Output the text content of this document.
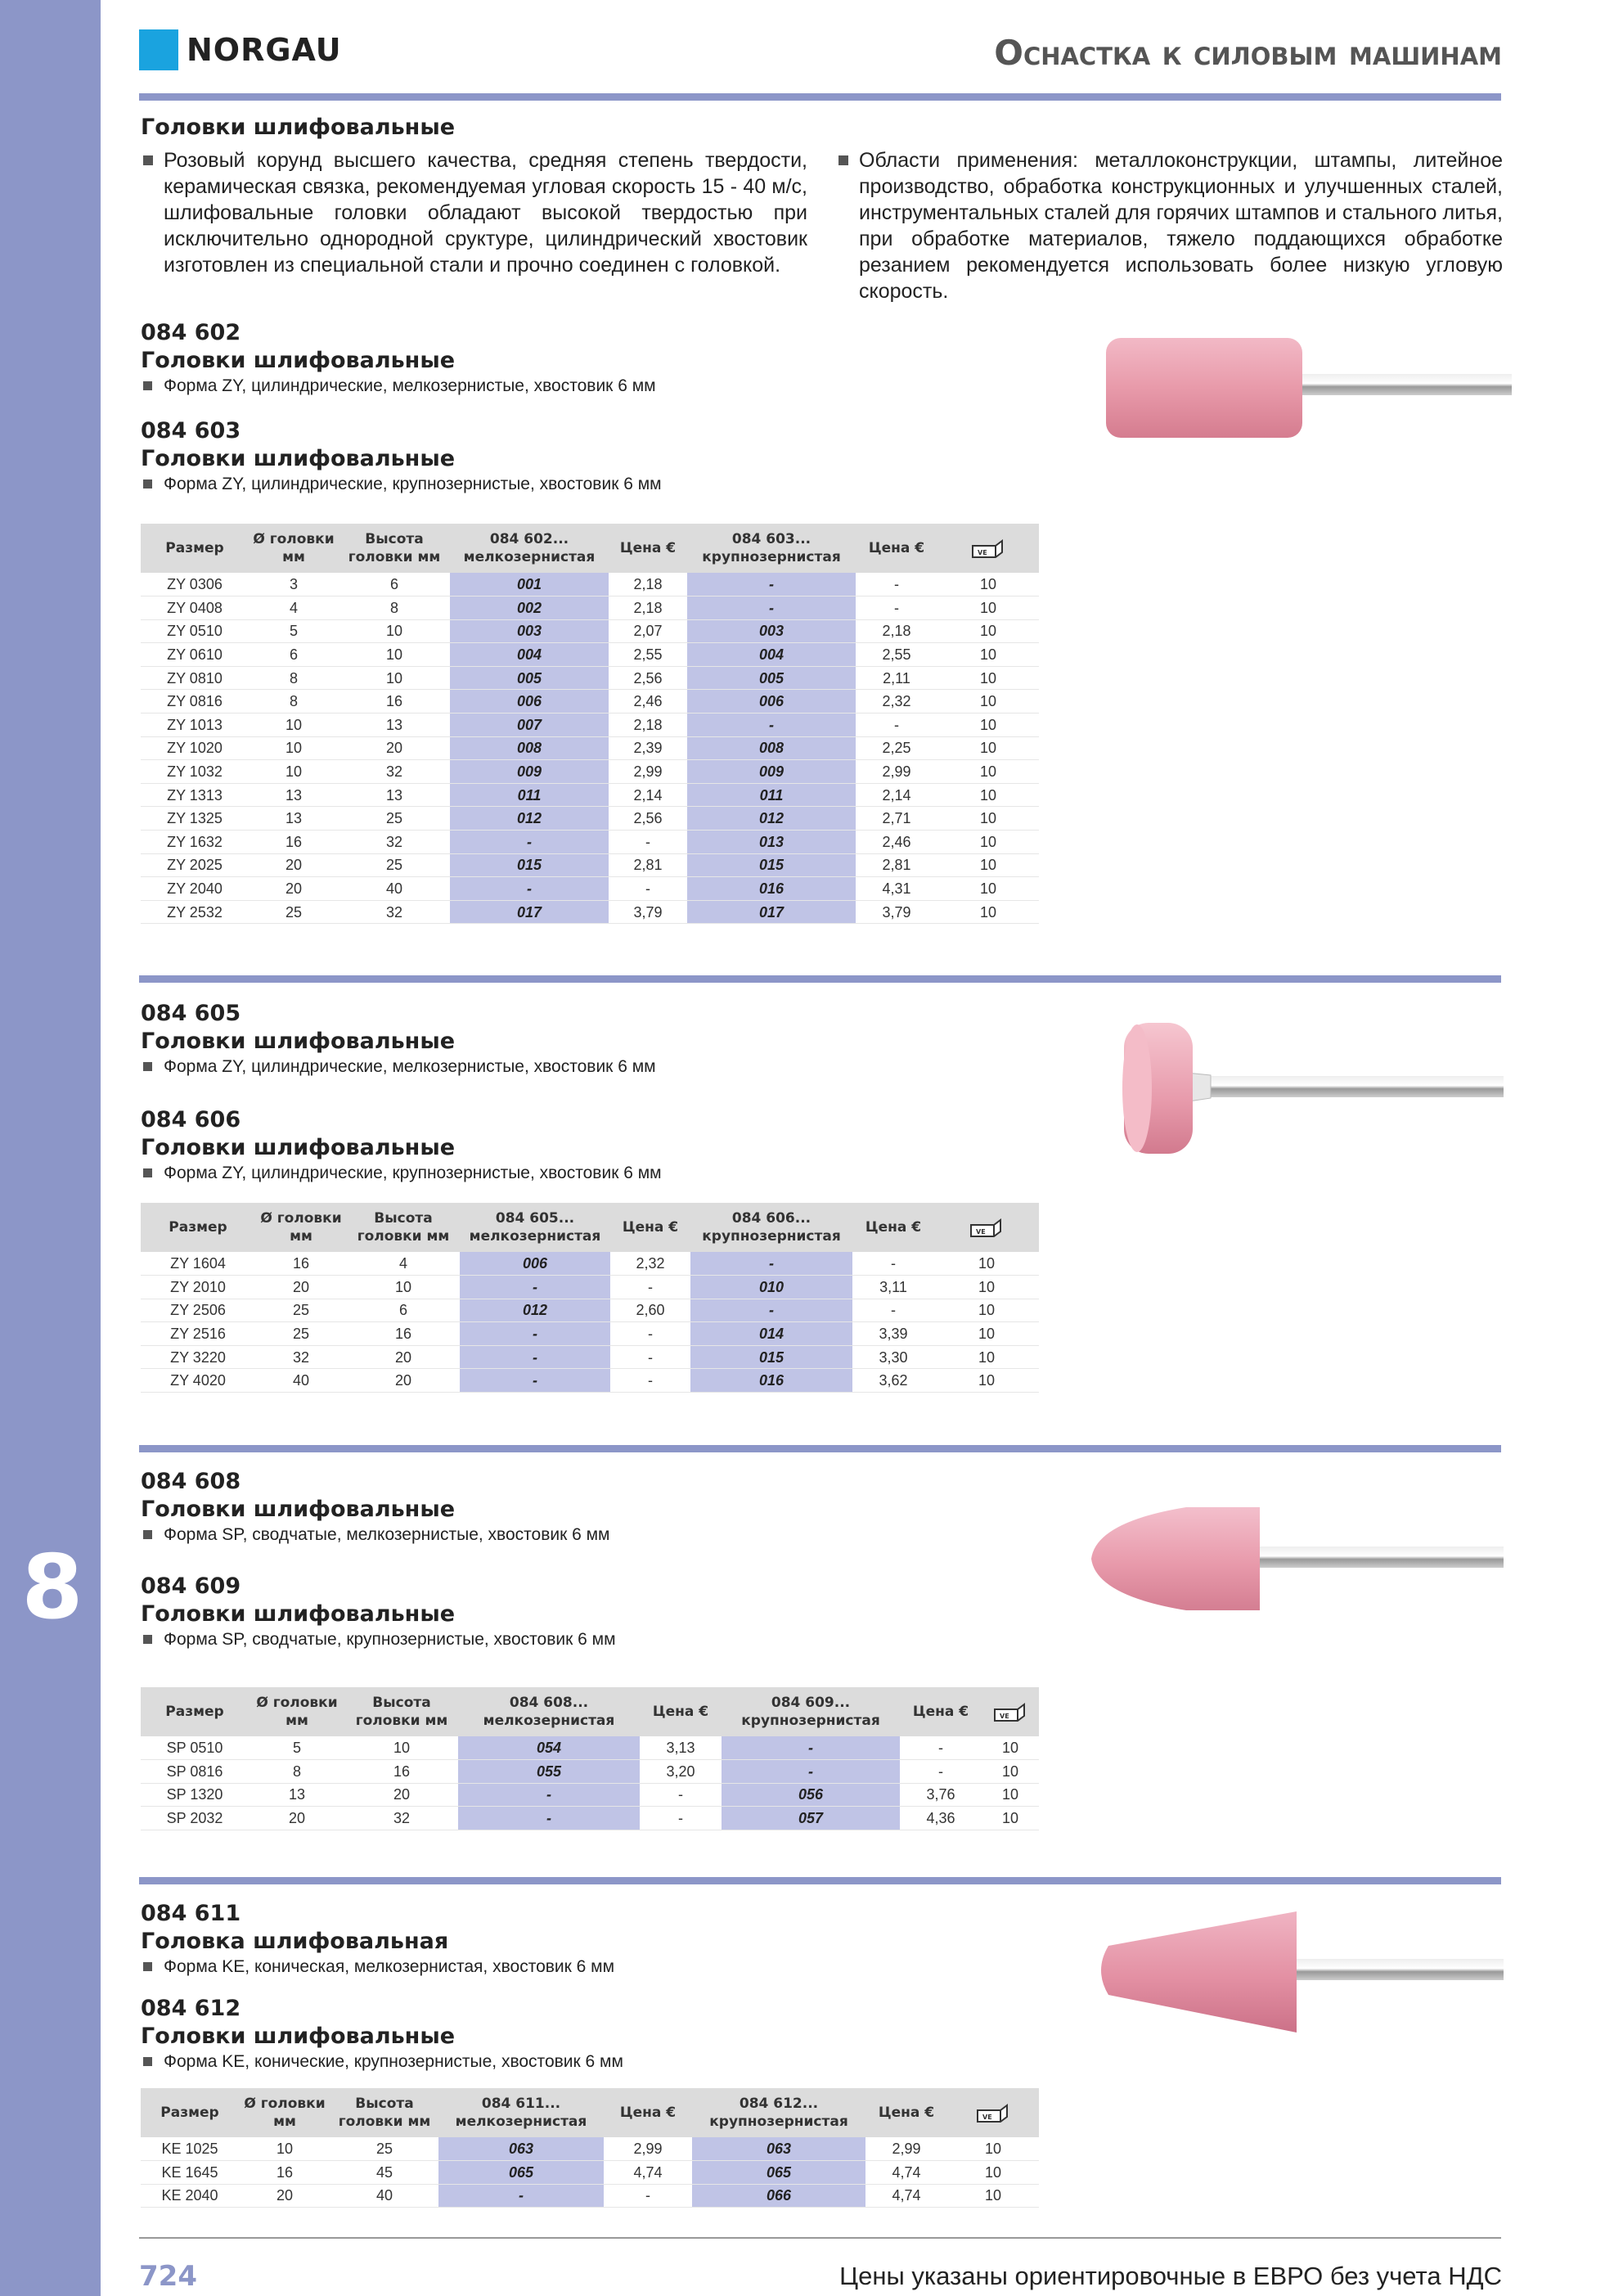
8
NORGAU	Оснастка к силовым машинам
Головки шлифовальные
Розовый корунд высшего качества, средняя степень твердости, керамическая связка, рекомендуемая угловая скорость 15 - 40 м/с, шлифовальные головки обладают высокой твердостью при исключительно однородной сруктуре, цилиндрический хвостовик изготовлен из специальной стали и прочно соединен с головкой.
Области применения: металлоконструкции, штампы, литейное производство, обработка конструкционных и улучшенных сталей, инструментальных сталей для горячих штампов и стального литья, при обработке материалов, тяжело поддающихся обработке резанием рекомендуется использовать более низкую угловую скорость.
084 602
Головки шлифовальные
Форма ZY, цилиндрические, мелкозернистые, хвостовик 6 мм
084 603
Головки шлифовальные
Форма ZY, цилиндрические, крупнозернистые, хвостовик 6 мм
Размер	Ø головки мм	Высота головки мм	084 602... мелкозернистая	Цена €	084 603... крупнозернистая	Цена €	VE

ZY 0306	3	6	001	2,18	-	-	10
ZY 0408	4	8	002	2,18	-	-	10
ZY 0510	5	10	003	2,07	003	2,18	10
ZY 0610	6	10	004	2,55	004	2,55	10
ZY 0810	8	10	005	2,56	005	2,11	10
ZY 0816	8	16	006	2,46	006	2,32	10
ZY 1013	10	13	007	2,18	-	-	10
ZY 1020	10	20	008	2,39	008	2,25	10
ZY 1032	10	32	009	2,99	009	2,99	10
ZY 1313	13	13	011	2,14	011	2,14	10
ZY 1325	13	25	012	2,56	012	2,71	10
ZY 1632	16	32	-	-	013	2,46	10
ZY 2025	20	25	015	2,81	015	2,81	10
ZY 2040	20	40	-	-	016	4,31	10
ZY 2532	25	32	017	3,79	017	3,79	10
084 605
Головки шлифовальные
Форма ZY, цилиндрические, мелкозернистые, хвостовик 6 мм
084 606
Головки шлифовальные
Форма ZY, цилиндрические, крупнозернистые, хвостовик 6 мм
Размер	Ø головки мм	Высота головки мм	084 605... мелкозернистая	Цена €	084 606... крупнозернистая	Цена €	VE

ZY 1604	16	4	006	2,32	-	-	10
ZY 2010	20	10	-	-	010	3,11	10
ZY 2506	25	6	012	2,60	-	-	10
ZY 2516	25	16	-	-	014	3,39	10
ZY 3220	32	20	-	-	015	3,30	10
ZY 4020	40	20	-	-	016	3,62	10
084 608
Головки шлифовальные
Форма SP, сводчатые, мелкозернистые, хвостовик 6 мм
084 609
Головки шлифовальные
Форма SP, сводчатые, крупнозернистые, хвостовик 6 мм
Размер	Ø головки мм	Высота головки мм	084 608... мелкозернистая	Цена €	084 609... крупнозернистая	Цена €	VE

SP 0510	5	10	054	3,13	-	-	10
SP 0816	8	16	055	3,20	-	-	10
SP 1320	13	20	-	-	056	3,76	10
SP 2032	20	32	-	-	057	4,36	10
084 611
Головка шлифовальная
Форма KE, коническая, мелкозернистая, хвостовик 6 мм
084 612
Головки шлифовальные
Форма KE, конические, крупнозернистые, хвостовик 6 мм
Размер	Ø головки мм	Высота головки мм	084 611... мелкозернистая	Цена €	084 612... крупнозернистая	Цена €	VE

KE 1025	10	25	063	2,99	063	2,99	10
KE 1645	16	45	065	4,74	065	4,74	10
KE 2040	20	40	-	-	066	4,74	10
724	Цены указаны ориентировочные в ЕВРО без учета НДС
